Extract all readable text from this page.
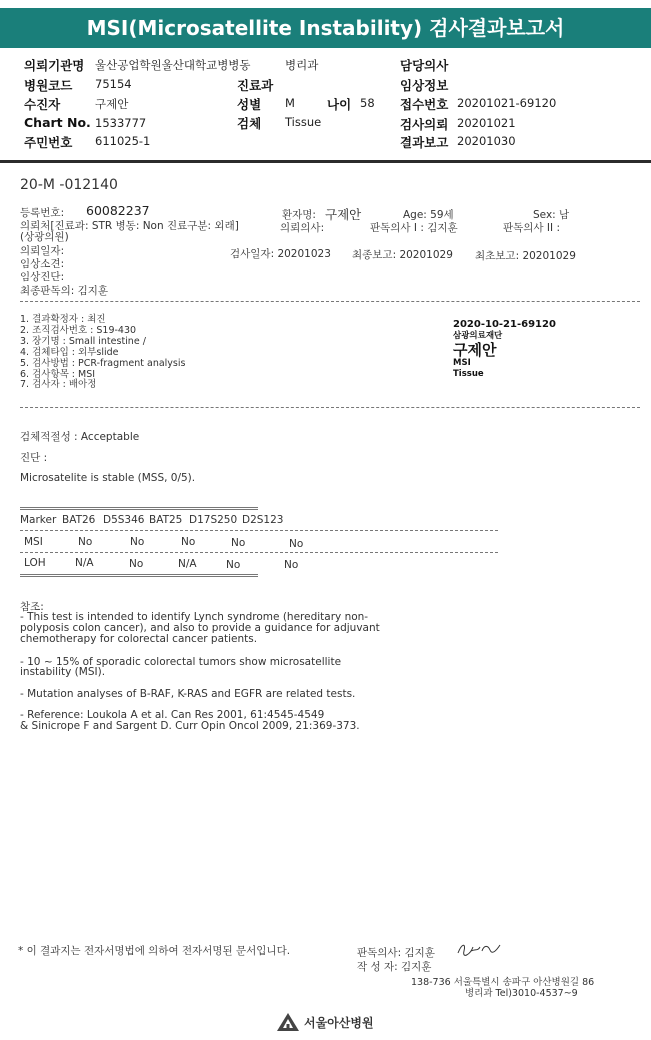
MSI(Microsatellite Instability) 검사결과보고서
의뢰기관명 울산공업학원울산대학교병병동	병리과	담당의사
병원코드 75154	진료과	임상정보
수진자	구제안	성별 M	나이 58 접수번호 20201021-69120
Chart No. 1533777	검체 Tissue	검사의뢰 20201021
주민번호 611025-1	결과보고 20201030
20-M -012140
등록번호: 60082237	환자명: 구제안	Age: 59세	Sex: 남
의뢰처[진료과: STR 병동: Non 진료구분: 외래]	의뢰의사:	판독의사 I : 김지훈	판독의사 II :
(상광의원)
의뢰일자:	검사일자: 20201023 최종보고: 20201029 최초보고: 20201029
임상소견:
임상진단:
최종판독의: 김지훈
1. 결과확정자 : 최진
2. 조직검사번호 : S19-430
3. 장기명 : Small intestine /
4. 검체타입 : 외부slide
5. 검사방법 : PCR-fragment analysis
6. 검사항목 : MSI
7. 검사자 : 배아정
2020-10-21-69120
삼광의료재단
구제안
MSI
Tissue
검체적절성 : Acceptable
진단 :
Microsatelite is stable (MSS, 0/5).
Marker BAT26 D5S346 BAT25 D17S250 D2S123
MSI	No	No	No	No	No
LOH	N/A	No	N/A	No	No
참조:
- This test is intended to identify Lynch syndrome (hereditary non-
polyposis colon cancer), and also to provide a guidance for adjuvant
chemotherapy for colorectal cancer patients.
- 10 ~ 15% of sporadic colorectal tumors show microsatellite
instability (MSI).
- Mutation analyses of B-RAF, K-RAS and EGFR are related tests.
- Reference: Loukola A et al. Can Res 2001, 61:4545-4549
& Sinicrope F and Sargent D. Curr Opin Oncol 2009, 21:369-373.
* 이 결과지는 전자서명법에 의하여 전자서명된 문서입니다.	판독의사: 김지훈
작 성 자: 김지훈
138-736 서울특별시 송파구 아산병원길 86
병리과 Tel)3010-4537~9
서울아산병원
